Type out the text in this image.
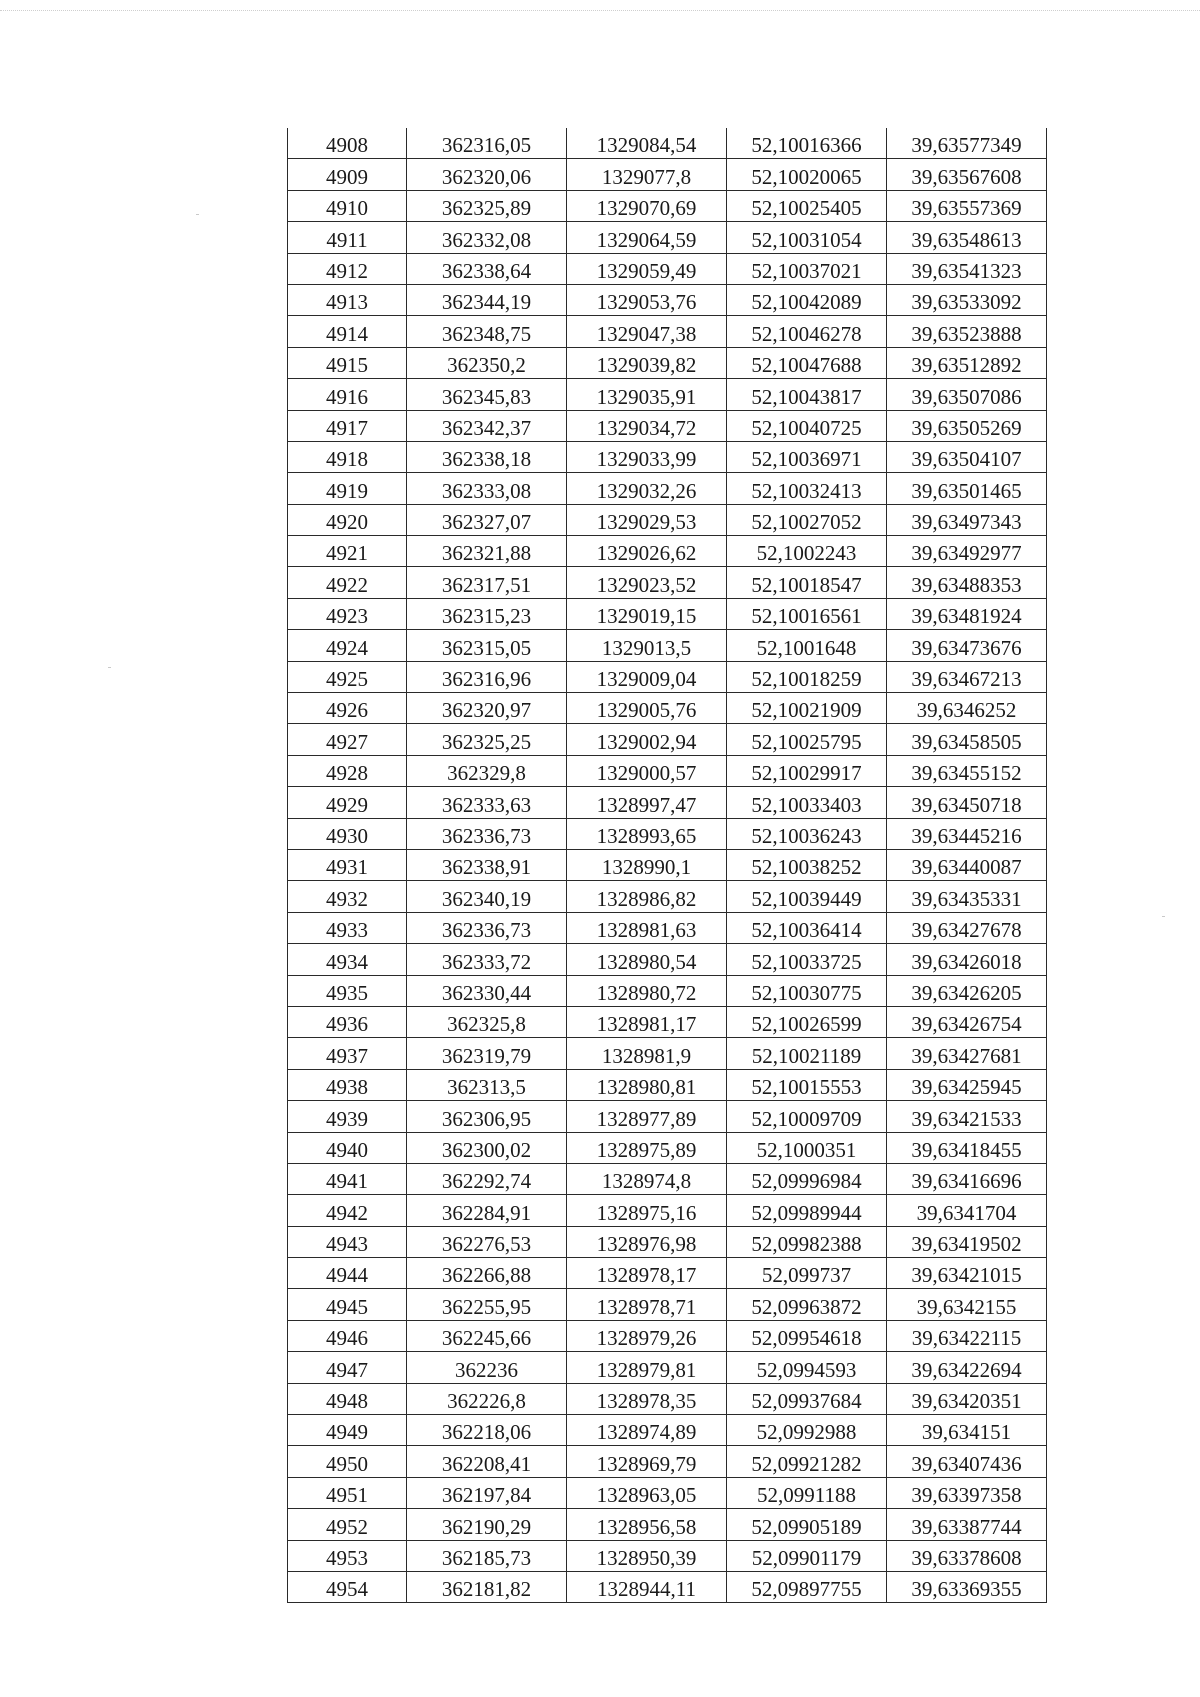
4908	362316,05	1329084,54	52,10016366	39,63577349
4909	362320,06	1329077,8	52,10020065	39,63567608
4910	362325,89	1329070,69	52,10025405	39,63557369
4911	362332,08	1329064,59	52,10031054	39,63548613
4912	362338,64	1329059,49	52,10037021	39,63541323
4913	362344,19	1329053,76	52,10042089	39,63533092
4914	362348,75	1329047,38	52,10046278	39,63523888
4915	362350,2	1329039,82	52,10047688	39,63512892
4916	362345,83	1329035,91	52,10043817	39,63507086
4917	362342,37	1329034,72	52,10040725	39,63505269
4918	362338,18	1329033,99	52,10036971	39,63504107
4919	362333,08	1329032,26	52,10032413	39,63501465
4920	362327,07	1329029,53	52,10027052	39,63497343
4921	362321,88	1329026,62	52,1002243	39,63492977
4922	362317,51	1329023,52	52,10018547	39,63488353
4923	362315,23	1329019,15	52,10016561	39,63481924
4924	362315,05	1329013,5	52,1001648	39,63473676
4925	362316,96	1329009,04	52,10018259	39,63467213
4926	362320,97	1329005,76	52,10021909	39,6346252
4927	362325,25	1329002,94	52,10025795	39,63458505
4928	362329,8	1329000,57	52,10029917	39,63455152
4929	362333,63	1328997,47	52,10033403	39,63450718
4930	362336,73	1328993,65	52,10036243	39,63445216
4931	362338,91	1328990,1	52,10038252	39,63440087
4932	362340,19	1328986,82	52,10039449	39,63435331
4933	362336,73	1328981,63	52,10036414	39,63427678
4934	362333,72	1328980,54	52,10033725	39,63426018
4935	362330,44	1328980,72	52,10030775	39,63426205
4936	362325,8	1328981,17	52,10026599	39,63426754
4937	362319,79	1328981,9	52,10021189	39,63427681
4938	362313,5	1328980,81	52,10015553	39,63425945
4939	362306,95	1328977,89	52,10009709	39,63421533
4940	362300,02	1328975,89	52,1000351	39,63418455
4941	362292,74	1328974,8	52,09996984	39,63416696
4942	362284,91	1328975,16	52,09989944	39,6341704
4943	362276,53	1328976,98	52,09982388	39,63419502
4944	362266,88	1328978,17	52,099737	39,63421015
4945	362255,95	1328978,71	52,09963872	39,6342155
4946	362245,66	1328979,26	52,09954618	39,63422115
4947	362236	1328979,81	52,0994593	39,63422694
4948	362226,8	1328978,35	52,09937684	39,63420351
4949	362218,06	1328974,89	52,0992988	39,634151
4950	362208,41	1328969,79	52,09921282	39,63407436
4951	362197,84	1328963,05	52,0991188	39,63397358
4952	362190,29	1328956,58	52,09905189	39,63387744
4953	362185,73	1328950,39	52,09901179	39,63378608
4954	362181,82	1328944,11	52,09897755	39,63369355
